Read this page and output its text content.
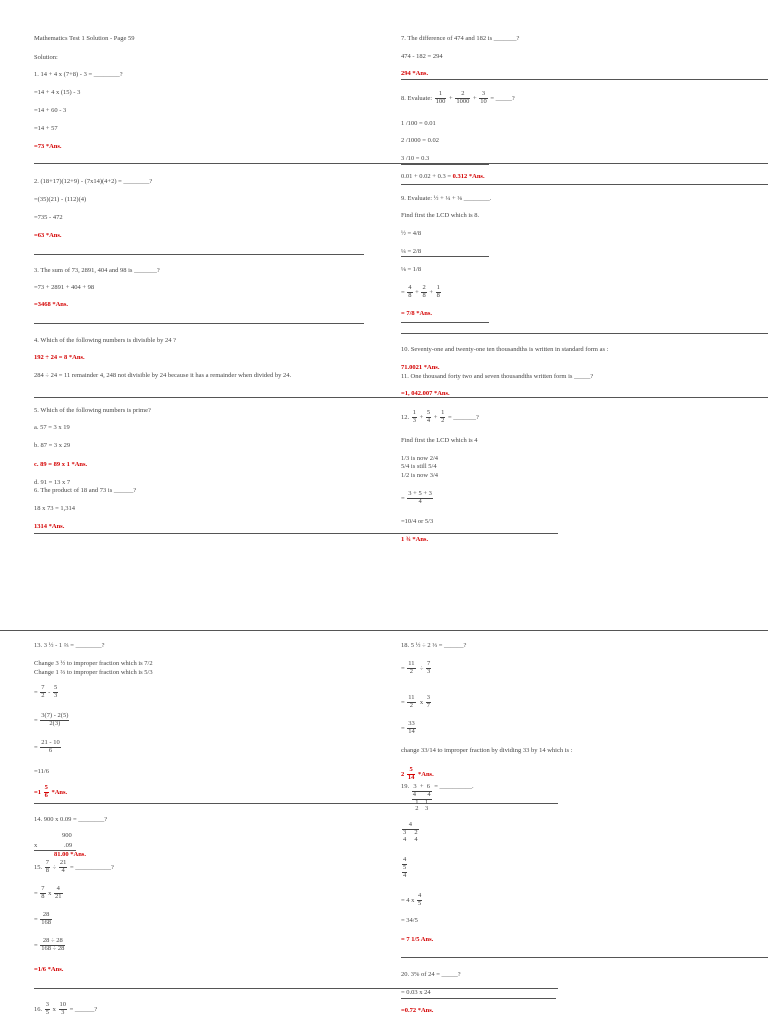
Mathematics Test 1 Solution - Page 59
Solution:
1. 14 + 4 x (7+8) - 3 = ________?
=14 + 4 x (15) - 3
=14 + 60 - 3
=14 + 57
=73 *Ans.
2. (18+17)(12+9) - (7x14)(4+2) = ________?
=(35)(21) - (112)(4)
=735 - 472
=63 *Ans.
3. The sum of 73, 2891, 404 and 98 is _______?
=73 + 2891 + 404 + 98
=3468 *Ans.
4. Which of the following numbers is divisible by 24 ?
192 ÷ 24 = 8 *Ans.
284 ÷ 24 = 11 remainder 4, 248 not divisible by 24 because it has a remainder when divided by 24.
5. Which of the following numbers is prime?
a. 57 = 3 x 19
b. 87 = 3 x 29
c. 89 = 89 x 1 *Ans.
d. 91 = 13 x 7
6. The product of 18 and 73 is ______?
18 x 73 = 1,314
1314 *Ans.
13. 3 ½ - 1 ⅔ = ________?
Change 3 ½ to improper fraction which is 7/2
Change 1 ⅔ to improper fraction which is 5/3
= $\frac{7}{2} - \frac{5}{3}$
= $\frac{3(7) - 2(5)}{2(3)}$
= $\frac{21 - 10}{6}$
=11/6
$=1 \frac{5}{6} *Ans$.
14. 900 x 0.09 = ________?
900
x	.09
81.00 *Ans.
15. $\frac{7}{8} \div \frac{21}{4}$ = ___________?
= $\frac{7}{8}$ x $\frac{4}{21}$
= $\frac{28}{168}$
= $\frac{28 \div 28}{168 \div 28}$
=1/6 *Ans.
16. $\frac{3}{5}$ x $\frac{10}{3}$ = ______?
7. The difference of 474 and 182 is _______?
474 - 182 = 294
294 *Ans.
8. Evaluate: $\frac{1}{100} + \frac{2}{1000} + \frac{3}{10}$ = _____?
1 /100 = 0.01
2 /1000 = 0.02
3 /10 = 0.3
0.01 + 0.02 + 0.3 = 0.312 *Ans.
9. Evaluate: ½ + ¼ + ⅛ ________.
Find first the LCD which is 8.
½ = 4/8
¼ = 2/8
⅛ = 1/8
= $\frac{4}{8} + \frac{2}{8} + \frac{1}{8}$
= 7/8 *Ans.
10. Seventy-one and twenty-one ten thousandths is written in standard form as :
71.0021 *Ans.
11. One thousand forty two and seven thousandths written form is _____?
=1, 042.007 *Ans.
12. $\frac{1}{3} + \frac{5}{4} + \frac{1}{2}$ = _______?
Find first the LCD which is 4
1/3 is now 2/4
5/4 is still 5/4
1/2 is now 3/4
= $\frac{3 + 5 + 3}{4}$
=10/4 or 5/3
1 ¾ *Ans.
18. 5 ½ ÷ 2 ⅓ = ______?
= $\frac{11}{2} \div \frac{7}{3}$
= $\frac{11}{2}$ x $\frac{3}{7}$
= $\frac{33}{14}$
change 33/14 to improper fraction by dividing 33 by 14 which is :
$2 \frac{5}{14} *Ans$.
19. 3 + 6
4 4
1 1
2 3
= __________.
4
3 2
4 4
4
5
4
= 4 x $\frac{4}{5}$
= 34/5
= 7 1/5 Ans.
20. 3% of 24 = _____?
= 0.03 x 24
=0.72 *Ans.
